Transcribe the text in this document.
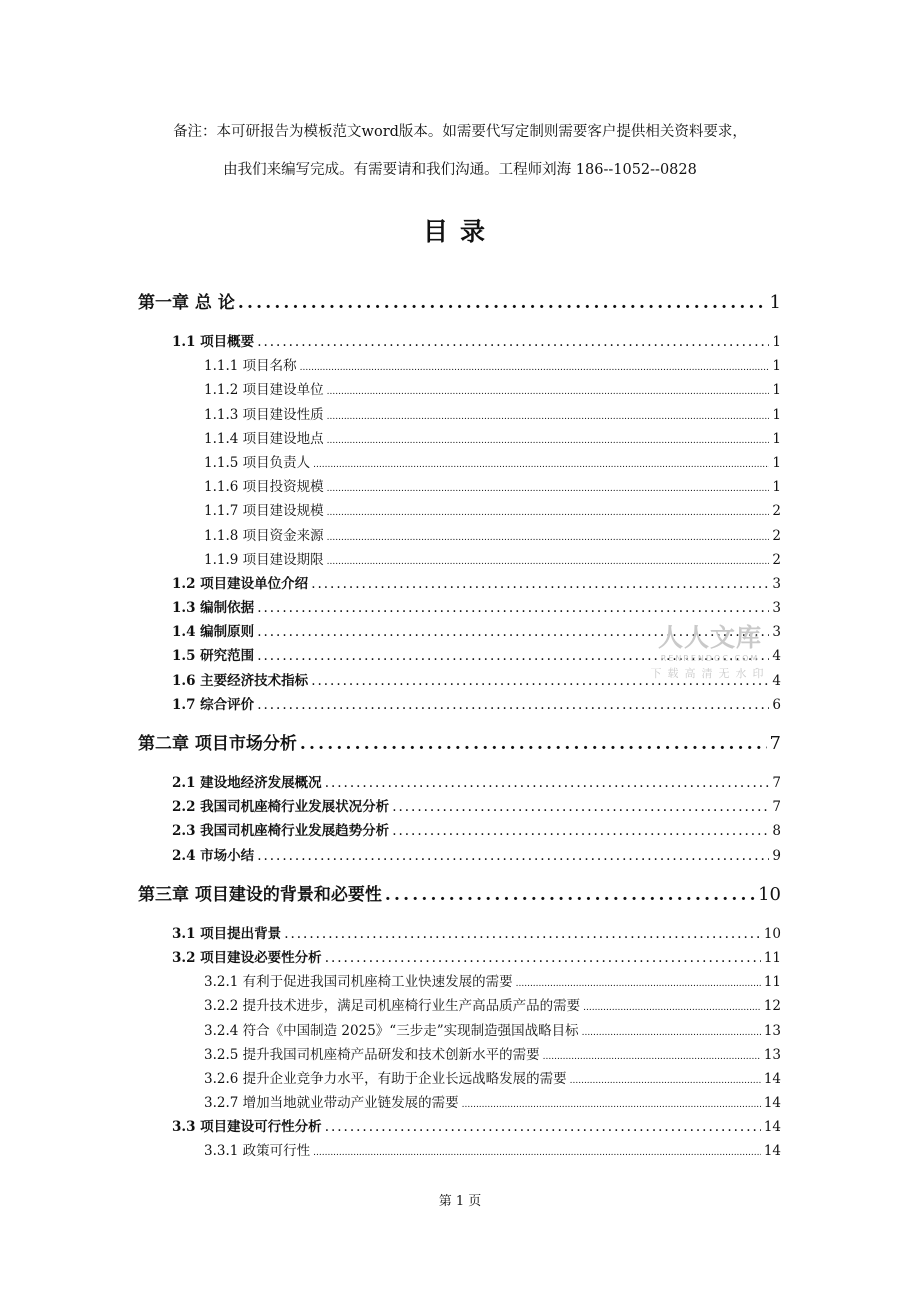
备注：本可研报告为模板范文word版本。如需要代写定制则需要客户提供相关资料要求，
由我们来编写完成。有需要请和我们沟通。工程师刘海 186--1052--0828
目录
第一章 总 论 .....	1
1.1 项目概要 .....	1
1.1.1 项目名称 .....	1
1.1.2 项目建设单位 .....	1
1.1.3 项目建设性质 .....	1
1.1.4 项目建设地点 .....	1
1.1.5 项目负责人 .....	1
1.1.6 项目投资规模 .....	1
1.1.7 项目建设规模 .....	2
1.1.8 项目资金来源 .....	2
1.1.9 项目建设期限 .....	2
1.2 项目建设单位介绍 .....	3
1.3 编制依据 .....	3
1.4 编制原则 .....	3
1.5 研究范围 .....	4
1.6 主要经济技术指标 .....	4
1.7 综合评价 .....	6
第二章 项目市场分析 .....	7
2.1 建设地经济发展概况 .....	7
2.2 我国司机座椅行业发展状况分析 .....	7
2.3 我国司机座椅行业发展趋势分析 .....	8
2.4 市场小结 .....	9
第三章 项目建设的背景和必要性 .....	10
3.1 项目提出背景 .....	10
3.2 项目建设必要性分析 .....	11
3.2.1 有利于促进我国司机座椅工业快速发展的需要 .....	11
3.2.2 提升技术进步，满足司机座椅行业生产高品质产品的需要 .....	12
3.2.4 符合《中国制造 2025》“三步走”实现制造强国战略目标 .....	13
3.2.5 提升我国司机座椅产品研发和技术创新水平的需要 .....	13
3.2.6 提升企业竞争力水平，有助于企业长远战略发展的需要 .....	14
3.2.7 增加当地就业带动产业链发展的需要 .....	14
3.3 项目建设可行性分析 .....	14
3.3.1 政策可行性 .....	14
人人文库
RENRENDOC.COM
下载高清无水印
第 1 页
